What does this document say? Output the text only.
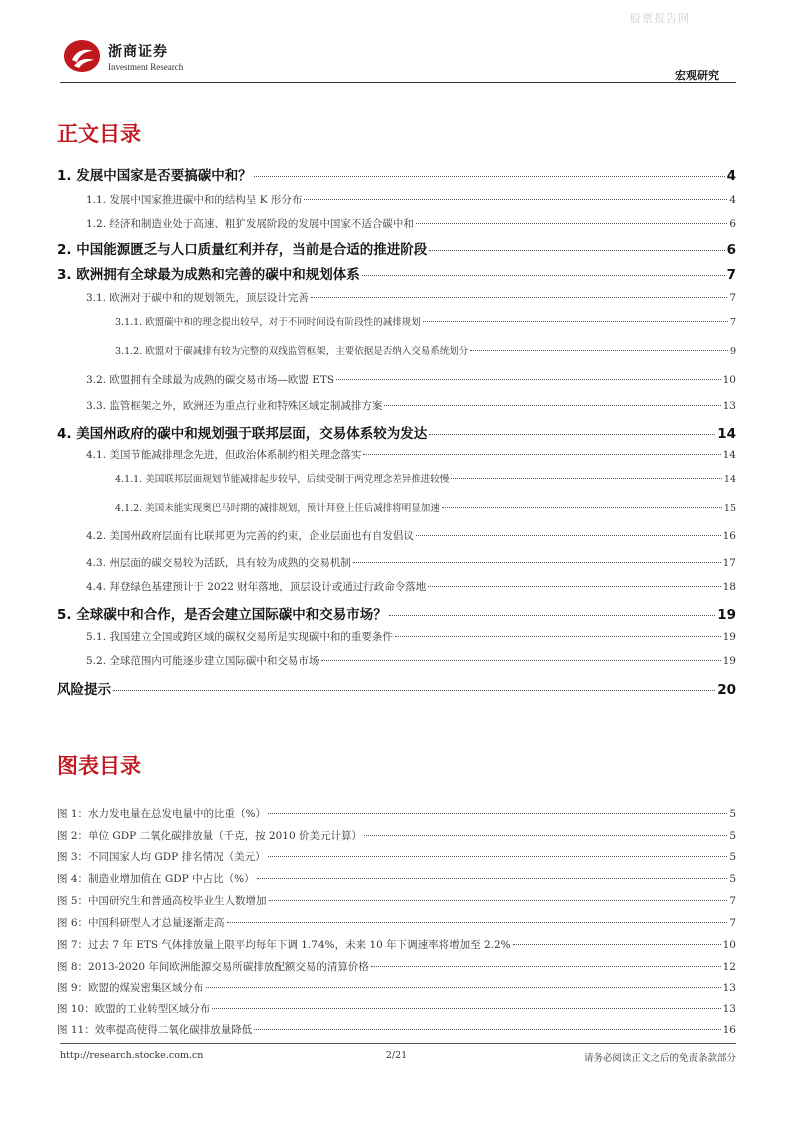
股票报告网
浙商证券
Investment Research
宏观研究
正文目录
1. 发展中国家是否要搞碳中和？	4
1.1. 发展中国家推进碳中和的结构呈 K 形分布	4
1.2. 经济和制造业处于高速、粗犷发展阶段的发展中国家不适合碳中和	6
2. 中国能源匮乏与人口质量红利并存，当前是合适的推进阶段	6
3. 欧洲拥有全球最为成熟和完善的碳中和规划体系	7
3.1. 欧洲对于碳中和的规划领先，顶层设计完善	7
3.1.1. 欧盟碳中和的理念提出较早，对于不同时间设有阶段性的减排规划	7
3.1.2. 欧盟对于碳减排有较为完整的双线监管框架，主要依据是否纳入交易系统划分	9
3.2. 欧盟拥有全球最为成熟的碳交易市场—欧盟 ETS	10
3.3. 监管框架之外，欧洲还为重点行业和特殊区域定制减排方案	13
4. 美国州政府的碳中和规划强于联邦层面，交易体系较为发达	14
4.1. 美国节能减排理念先进，但政治体系制约相关理念落实	14
4.1.1. 美国联邦层面规划节能减排起步较早，后续受制于两党理念差异推进较慢	14
4.1.2. 美国未能实现奥巴马时期的减排规划，预计拜登上任后减排将明显加速	15
4.2. 美国州政府层面有比联邦更为完善的约束，企业层面也有自发倡议	16
4.3. 州层面的碳交易较为活跃，具有较为成熟的交易机制	17
4.4. 拜登绿色基建预计于 2022 财年落地，顶层设计或通过行政命令落地	18
5. 全球碳中和合作，是否会建立国际碳中和交易市场？	19
5.1. 我国建立全国或跨区域的碳权交易所是实现碳中和的重要条件	19
5.2. 全球范围内可能逐步建立国际碳中和交易市场	19
风险提示	20
图表目录
图 1：水力发电量在总发电量中的比重（%）	5
图 2：单位 GDP 二氧化碳排放量（千克，按 2010 价美元计算）	5
图 3：不同国家人均 GDP 排名情况（美元）	5
图 4：制造业增加值在 GDP 中占比（%）	5
图 5：中国研究生和普通高校毕业生人数增加	7
图 6：中国科研型人才总量逐渐走高	7
图 7：过去 7 年 ETS 气体排放量上限平均每年下调 1.74%，未来 10 年下调速率将增加至 2.2%	10
图 8：2013-2020 年间欧洲能源交易所碳排放配额交易的清算价格	12
图 9：欧盟的煤炭密集区域分布	13
图 10：欧盟的工业转型区域分布	13
图 11：效率提高使得二氧化碳排放量降低	16
http://research.stocke.com.cn	2/21	请务必阅读正文之后的免责条款部分
